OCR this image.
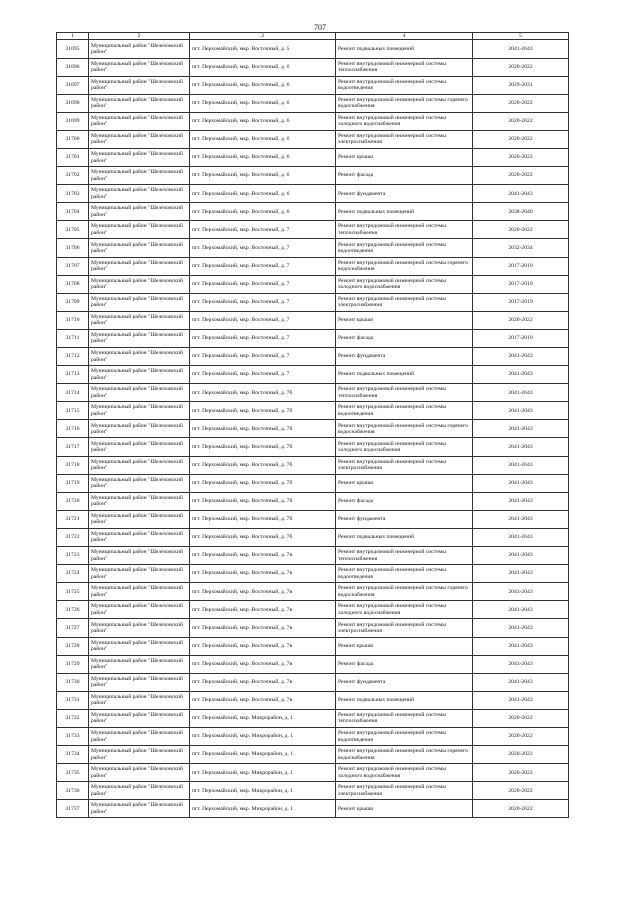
707
1	2	3	4	5
31695	Муниципальный район "Шелеховский район"	пгт. Перхомайский, мкр. Восточный, д. 5	Ремонт подвальных помещений	2041-2043
31696	Муниципальный район "Шелеховский район"	пгт. Перхомайский, мкр. Восточный, д. 6	Ремонт внутридомовой инженерной системы теплоснабжения	2020-2022
31697	Муниципальный район "Шелеховский район"	пгт. Перхомайский, мкр. Восточный, д. 6	Ремонт внутридомовой инженерной системы водоотведения	2029-2031
31698	Муниципальный район "Шелеховский район"	пгт. Перхомайский, мкр. Восточный, д. 6	Ремонт внутридомовой инженерной системы горячего водоснабжения	2020-2022
31699	Муниципальный район "Шелеховский район"	пгт. Перхомайский, мкр. Восточный, д. 6	Ремонт внутридомовой инженерной системы холодного водоснабжения	2020-2022
31700	Муниципальный район "Шелеховский район"	пгт. Перхомайский, мкр. Восточный, д. 6	Ремонт внутридомовой инженерной системы электроснабжения	2020-2022
31701	Муниципальный район "Шелеховский район"	пгт. Перхомайский, мкр. Восточный, д. 6	Ремонт крыши	2020-2022
31702	Муниципальный район "Шелеховский район"	пгт. Перхомайский, мкр. Восточный, д. 6	Ремонт фасада	2020-2022
31703	Муниципальный район "Шелеховский район"	пгт. Перхомайский, мкр. Восточный, д. 6	Ремонт фундамента	2041-2043
31704	Муниципальный район "Шелеховский район"	пгт. Перхомайский, мкр. Восточный, д. 6	Ремонт подвальных помещений	2038-2040
31705	Муниципальный район "Шелеховский район"	пгт. Перхомайский, мкр. Восточный, д. 7	Ремонт внутридомовой инженерной системы теплоснабжения	2020-2022
31706	Муниципальный район "Шелеховский район"	пгт. Перхомайский, мкр. Восточный, д. 7	Ремонт внутридомовой инженерной системы водоотведения	2032-2034
31707	Муниципальный район "Шелеховский район"	пгт. Перхомайский, мкр. Восточный, д. 7	Ремонт внутридомовой инженерной системы горячего водоснабжения	2017-2019
31708	Муниципальный район "Шелеховский район"	пгт. Перхомайский, мкр. Восточный, д. 7	Ремонт внутридомовой инженерной системы холодного водоснабжения	2017-2019
31709	Муниципальный район "Шелеховский район"	пгт. Перхомайский, мкр. Восточный, д. 7	Ремонт внутридомовой инженерной системы электроснабжения	2017-2019
31710	Муниципальный район "Шелеховский район"	пгт. Перхомайский, мкр. Восточный, д. 7	Ремонт крыши	2020-2022
31711	Муниципальный район "Шелеховский район"	пгт. Перхомайский, мкр. Восточный, д. 7	Ремонт фасада	2017-2019
31712	Муниципальный район "Шелеховский район"	пгт. Перхомайский, мкр. Восточный, д. 7	Ремонт фундамента	2041-2043
31713	Муниципальный район "Шелеховский район"	пгт. Перхомайский, мкр. Восточный, д. 7	Ремонт подвальных помещений	2041-2043
31714	Муниципальный район "Шелеховский район"	пгт. Перхомайский, мкр. Восточный, д. 7б	Ремонт внутридомовой инженерной системы теплоснабжения	2041-2043
31715	Муниципальный район "Шелеховский район"	пгт. Перхомайский, мкр. Восточный, д. 7б	Ремонт внутридомовой инженерной системы водоотведения	2041-2043
31716	Муниципальный район "Шелеховский район"	пгт. Перхомайский, мкр. Восточный, д. 7б	Ремонт внутридомовой инженерной системы горячего водоснабжения	2041-2043
31717	Муниципальный район "Шелеховский район"	пгт. Перхомайский, мкр. Восточный, д. 7б	Ремонт внутридомовой инженерной системы холодного водоснабжения	2041-2043
31718	Муниципальный район "Шелеховский район"	пгт. Перхомайский, мкр. Восточный, д. 7б	Ремонт внутридомовой инженерной системы электроснабжения	2041-2043
31719	Муниципальный район "Шелеховский район"	пгт. Перхомайский, мкр. Восточный, д. 7б	Ремонт крыши	2041-2043
31720	Муниципальный район "Шелеховский район"	пгт. Перхомайский, мкр. Восточный, д. 7б	Ремонт фасада	2041-2043
31721	Муниципальный район "Шелеховский район"	пгт. Перхомайский, мкр. Восточный, д. 7б	Ремонт фундамента	2041-2043
31722	Муниципальный район "Шелеховский район"	пгт. Перхомайский, мкр. Восточный, д. 7б	Ремонт подвальных помещений	2041-2043
31723	Муниципальный район "Шелеховский район"	пгт. Перхомайский, мкр. Восточный, д. 7в	Ремонт внутридомовой инженерной системы теплоснабжения	2041-2043
31724	Муниципальный район "Шелеховский район"	пгт. Перхомайский, мкр. Восточный, д. 7в	Ремонт внутридомовой инженерной системы водоотведения	2041-2043
31725	Муниципальный район "Шелеховский район"	пгт. Перхомайский, мкр. Восточный, д. 7в	Ремонт внутридомовой инженерной системы горячего водоснабжения	2041-2043
31726	Муниципальный район "Шелеховский район"	пгт. Перхомайский, мкр. Восточный, д. 7в	Ремонт внутридомовой инженерной системы холодного водоснабжения	2041-2043
31727	Муниципальный район "Шелеховский район"	пгт. Перхомайский, мкр. Восточный, д. 7в	Ремонт внутридомовой инженерной системы электроснабжения	2041-2043
31728	Муниципальный район "Шелеховский район"	пгт. Перхомайский, мкр. Восточный, д. 7в	Ремонт крыши	2041-2043
31729	Муниципальный район "Шелеховский район"	пгт. Перхомайский, мкр. Восточный, д. 7в	Ремонт фасада	2041-2043
31730	Муниципальный район "Шелеховский район"	пгт. Перхомайский, мкр. Восточный, д. 7в	Ремонт фундамента	2041-2043
31731	Муниципальный район "Шелеховский район"	пгт. Перхомайский, мкр. Восточный, д. 7в	Ремонт подвальных помещений	2041-2043
31732	Муниципальный район "Шелеховский район"	пгт. Перхомайский, мкр. Микрорайон, д. 1	Ремонт внутридомовой инженерной системы теплоснабжения	2020-2022
31733	Муниципальный район "Шелеховский район"	пгт. Перхомайский, мкр. Микрорайон, д. 1	Ремонт внутридомовой инженерной системы водоотведения	2020-2022
31734	Муниципальный район "Шелеховский район"	пгт. Перхомайский, мкр. Микрорайон, д. 1	Ремонт внутридомовой инженерной системы горячего водоснабжения	2020-2022
31735	Муниципальный район "Шелеховский район"	пгт. Перхомайский, мкр. Микрорайон, д. 1	Ремонт внутридомовой инженерной системы холодного водоснабжения	2020-2022
31736	Муниципальный район "Шелеховский район"	пгт. Перхомайский, мкр. Микрорайон, д. 1	Ремонт внутридомовой инженерной системы электроснабжения	2020-2022
31737	Муниципальный район "Шелеховский район"	пгт. Перхомайский, мкр. Микрорайон, д. 1	Ремонт крыши	2020-2022
